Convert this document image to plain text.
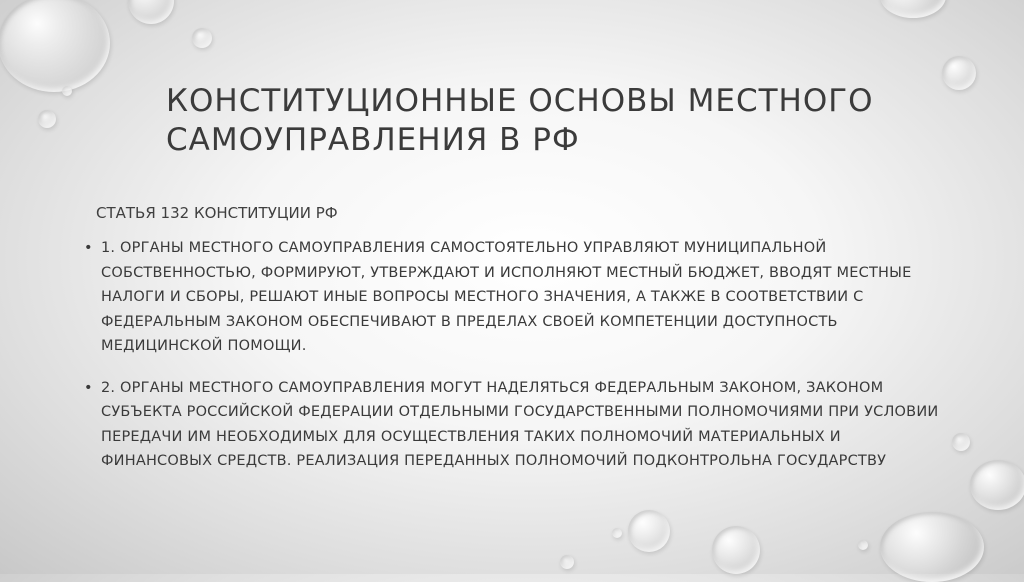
КОНСТИТУЦИОННЫЕ ОСНОВЫ МЕСТНОГО САМОУПРАВЛЕНИЯ В РФ

СТАТЬЯ 132 КОНСТИТУЦИИ РФ

• 1. ОРГАНЫ МЕСТНОГО САМОУПРАВЛЕНИЯ САМОСТОЯТЕЛЬНО УПРАВЛЯЮТ МУНИЦИПАЛЬНОЙ СОБСТВЕННОСТЬЮ, ФОРМИРУЮТ, УТВЕРЖДАЮТ И ИСПОЛНЯЮТ МЕСТНЫЙ БЮДЖЕТ, ВВОДЯТ МЕСТНЫЕ НАЛОГИ И СБОРЫ, РЕШАЮТ ИНЫЕ ВОПРОСЫ МЕСТНОГО ЗНАЧЕНИЯ, А ТАКЖЕ В СООТВЕТСТВИИ С ФЕДЕРАЛЬНЫМ ЗАКОНОМ ОБЕСПЕЧИВАЮТ В ПРЕДЕЛАХ СВОЕЙ КОМПЕТЕНЦИИ ДОСТУПНОСТЬ МЕДИЦИНСКОЙ ПОМОЩИ.
• 2. ОРГАНЫ МЕСТНОГО САМОУПРАВЛЕНИЯ МОГУТ НАДЕЛЯТЬСЯ ФЕДЕРАЛЬНЫМ ЗАКОНОМ, ЗАКОНОМ СУБЪЕКТА РОССИЙСКОЙ ФЕДЕРАЦИИ ОТДЕЛЬНЫМИ ГОСУДАРСТВЕННЫМИ ПОЛНОМОЧИЯМИ ПРИ УСЛОВИИ ПЕРЕДАЧИ ИМ НЕОБХОДИМЫХ ДЛЯ ОСУЩЕСТВЛЕНИЯ ТАКИХ ПОЛНОМОЧИЙ МАТЕРИАЛЬНЫХ И ФИНАНСОВЫХ СРЕДСТВ. РЕАЛИЗАЦИЯ ПЕРЕДАННЫХ ПОЛНОМОЧИЙ ПОДКОНТРОЛЬНА ГОСУДАРСТВУ
